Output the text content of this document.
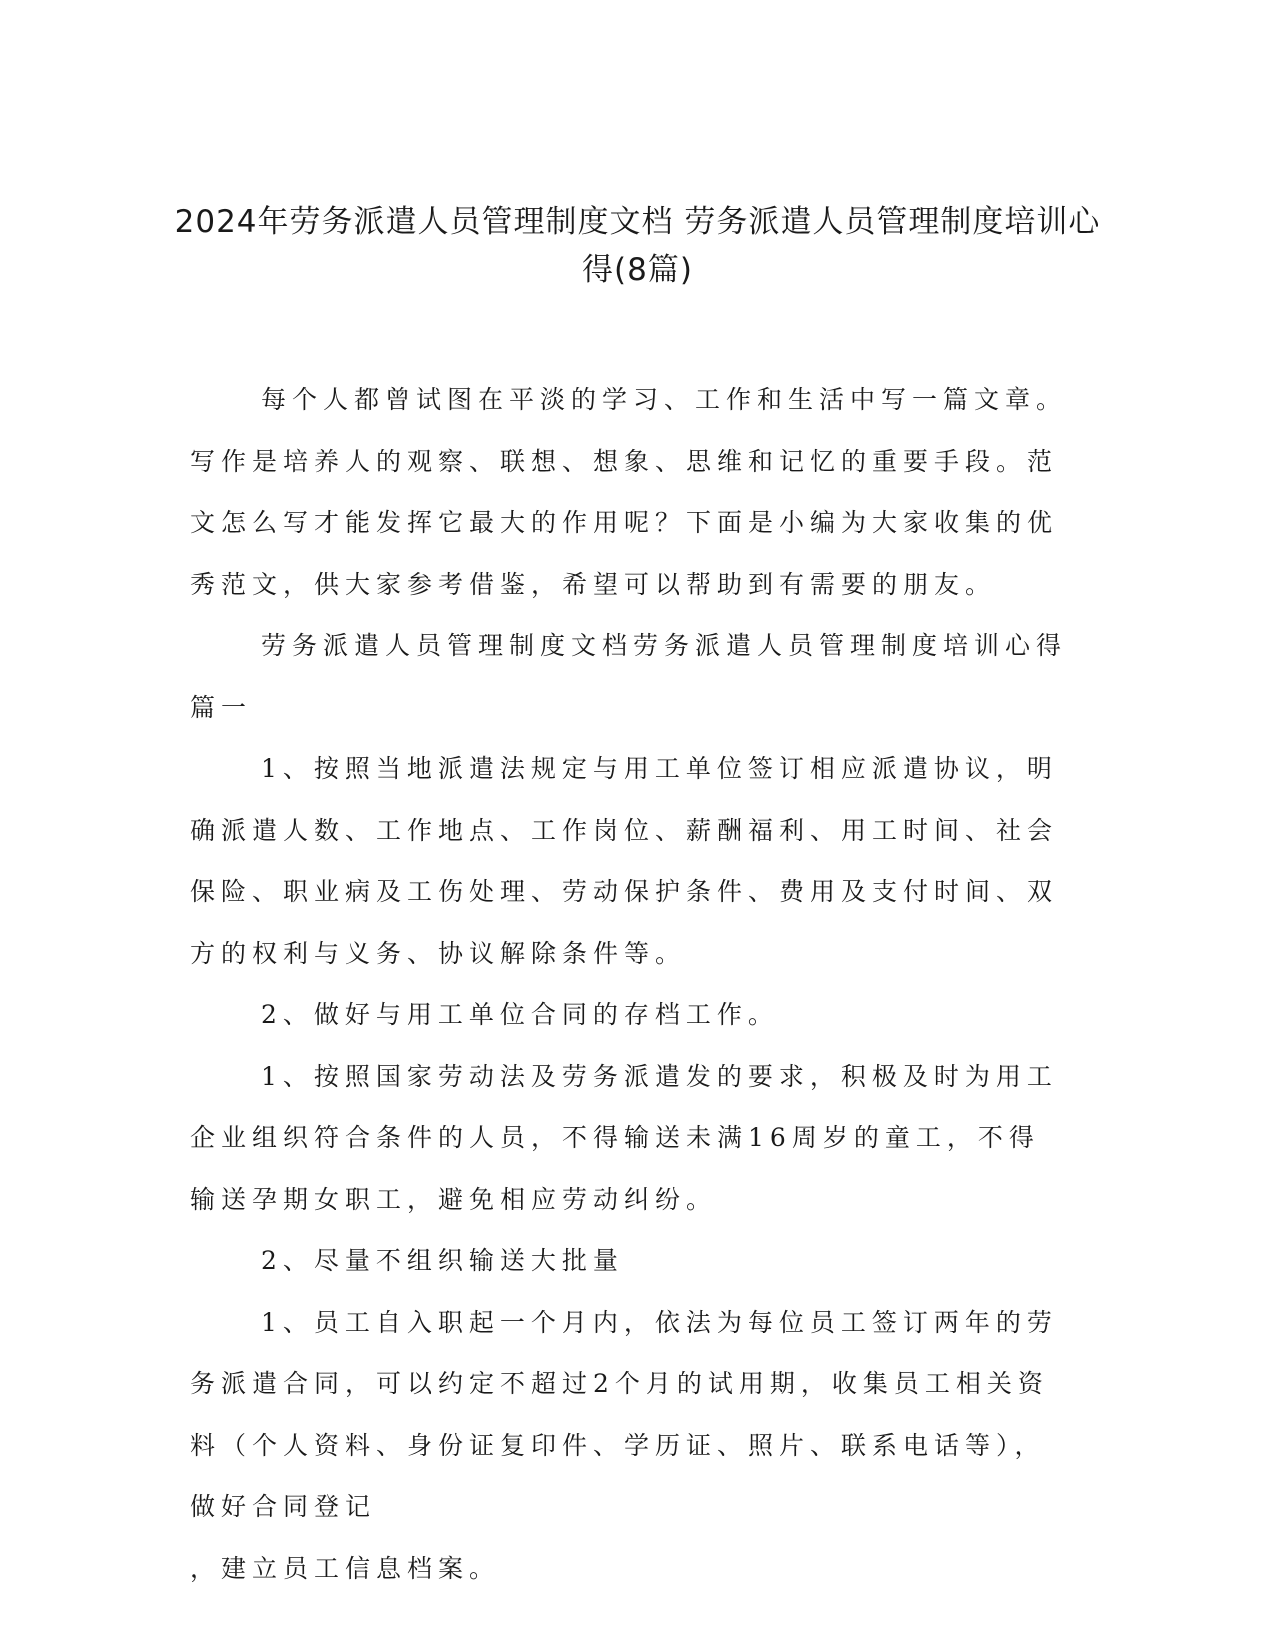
2024年劳务派遣人员管理制度文档 劳务派遣人员管理制度培训心得(8篇)

每个人都曾试图在平淡的学习、工作和生活中写一篇文章。写作是培养人的观察、联想、想象、思维和记忆的重要手段。范文怎么写才能发挥它最大的作用呢？下面是小编为大家收集的优秀范文，供大家参考借鉴，希望可以帮助到有需要的朋友。

劳务派遣人员管理制度文档劳务派遣人员管理制度培训心得篇一

1、按照当地派遣法规定与用工单位签订相应派遣协议，明确派遣人数、工作地点、工作岗位、薪酬福利、用工时间、社会保险、职业病及工伤处理、劳动保护条件、费用及支付时间、双方的权利与义务、协议解除条件等。

2、做好与用工单位合同的存档工作。

1、按照国家劳动法及劳务派遣发的要求，积极及时为用工企业组织符合条件的人员，不得输送未满16周岁的童工，不得输送孕期女职工，避免相应劳动纠纷。

2、尽量不组织输送大批量

1、员工自入职起一个月内，依法为每位员工签订两年的劳务派遣合同，可以约定不超过2个月的试用期，收集员工相关资料（个人资料、身份证复印件、学历证、照片、联系电话等），做好合同登记

，建立员工信息档案。
